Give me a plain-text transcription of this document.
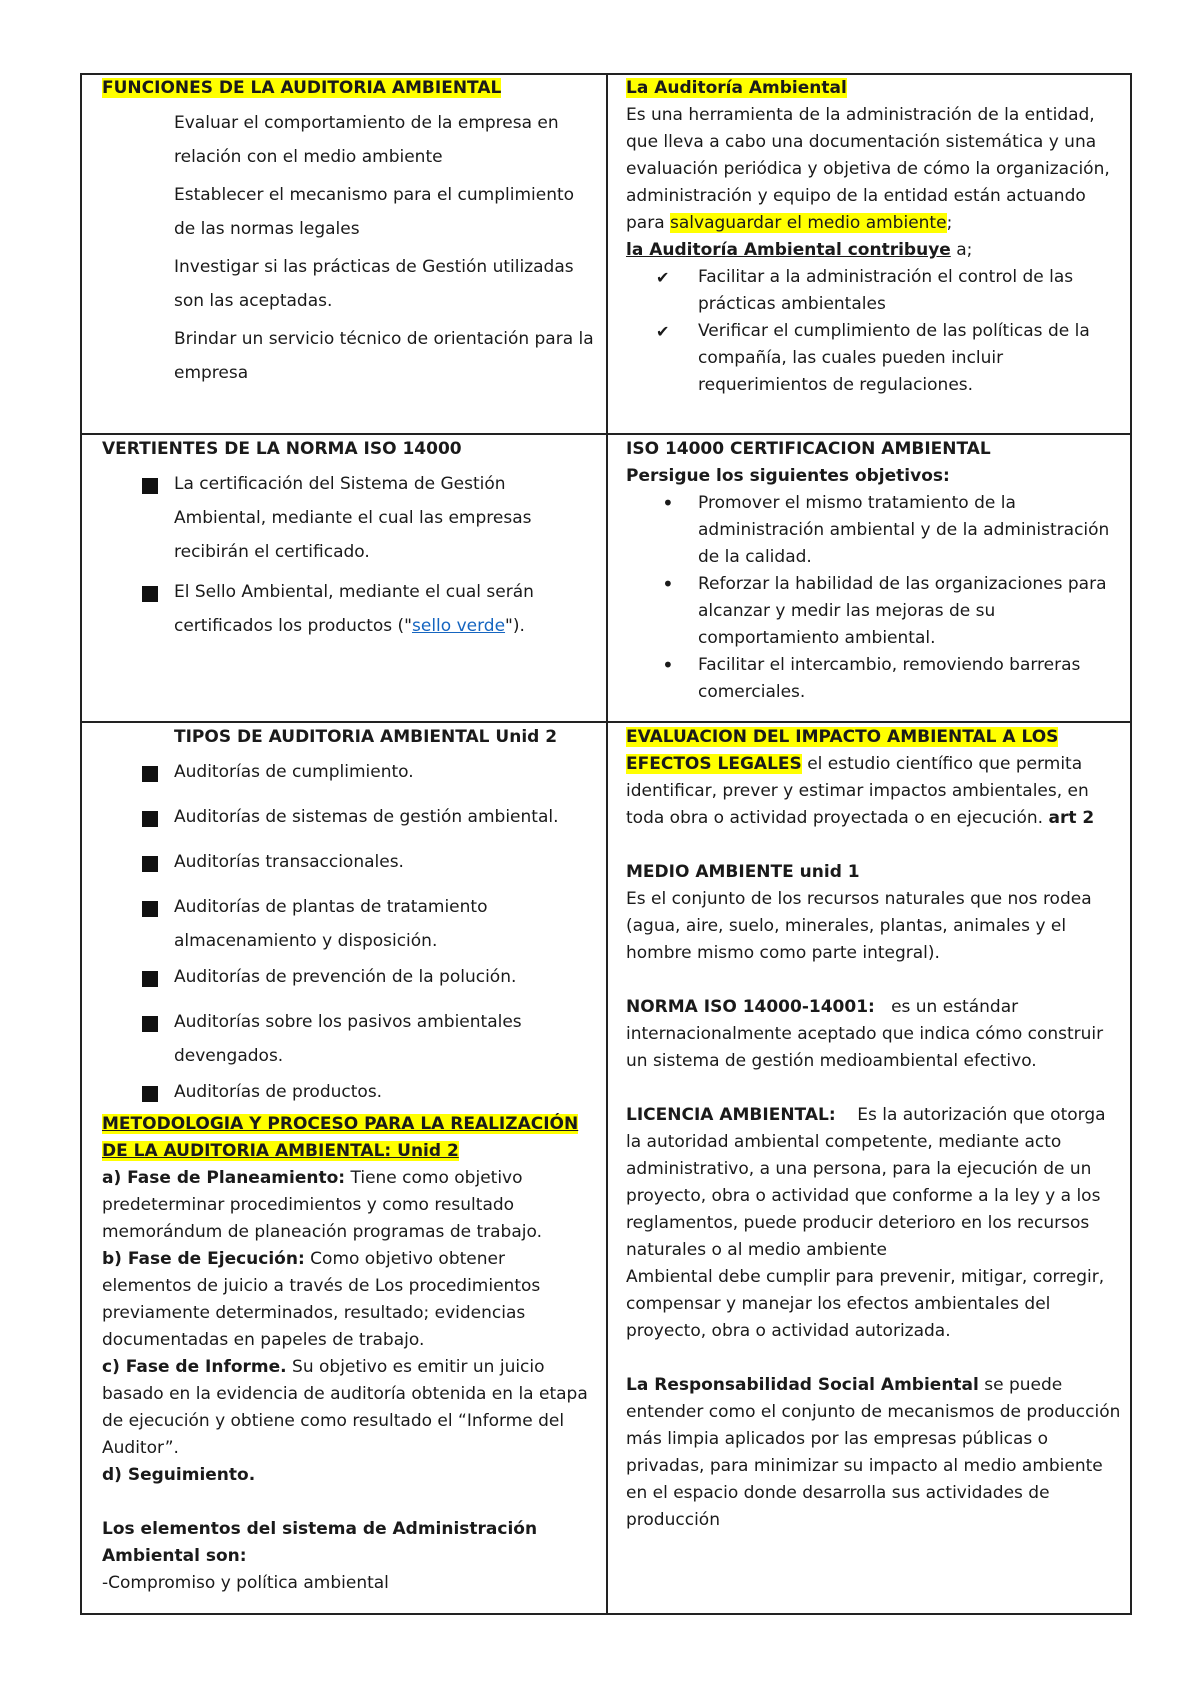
FUNCIONES DE LA AUDITORIA AMBIENTAL

Evaluar el comportamiento de la empresa en relación con el medio ambiente

Establecer el mecanismo para el cumplimiento de las normas legales

Investigar si las prácticas de Gestión utilizadas son las aceptadas.

Brindar un servicio técnico de orientación para la empresa

La Auditoría Ambiental
Es una herramienta de la administración de la entidad, que lleva a cabo una documentación sistemática y una evaluación periódica y objetiva de cómo la organización, administración y equipo de la entidad están actuando para salvaguardar el medio ambiente;
la Auditoría Ambiental contribuye a;
✔ Facilitar a la administración el control de las prácticas ambientales
✔ Verificar el cumplimiento de las políticas de la compañía, las cuales pueden incluir requerimientos de regulaciones.
VERTIENTES DE LA NORMA ISO 14000
La certificación del Sistema de Gestión Ambiental, mediante el cual las empresas recibirán el certificado.
El Sello Ambiental, mediante el cual serán certificados los productos ("sello verde").
ISO 14000 CERTIFICACION AMBIENTAL
Persigue los siguientes objetivos:
• Promover el mismo tratamiento de la administración ambiental y de la administración de la calidad.
• Reforzar la habilidad de las organizaciones para alcanzar y medir las mejoras de su comportamiento ambiental.
• Facilitar el intercambio, removiendo barreras comerciales.
TIPOS DE AUDITORIA AMBIENTAL Unid 2
Auditorías de cumplimiento.
Auditorías de sistemas de gestión ambiental.
Auditorías transaccionales.
Auditorías de plantas de tratamiento almacenamiento y disposición.
Auditorías de prevención de la polución.
Auditorías sobre los pasivos ambientales devengados.
Auditorías de productos.
METODOLOGIA Y PROCESO PARA LA REALIZACIÓN DE LA AUDITORIA AMBIENTAL: Unid 2
a) Fase de Planeamiento: Tiene como objetivo predeterminar procedimientos y como resultado memorándum de planeación programas de trabajo.
b) Fase de Ejecución: Como objetivo obtener elementos de juicio a través de Los procedimientos previamente determinados, resultado; evidencias documentadas en papeles de trabajo.
c) Fase de Informe. Su objetivo es emitir un juicio basado en la evidencia de auditoría obtenida en la etapa de ejecución y obtiene como resultado el “Informe del Auditor”.
d) Seguimiento.
Los elementos del sistema de Administración Ambiental son:
-Compromiso y política ambiental
EVALUACION DEL IMPACTO AMBIENTAL A LOS EFECTOS LEGALES el estudio científico que permita identificar, prever y estimar impactos ambientales, en toda obra o actividad proyectada o en ejecución. art 2
MEDIO AMBIENTE unid 1
Es el conjunto de los recursos naturales que nos rodea (agua, aire, suelo, minerales, plantas, animales y el hombre mismo como parte integral).
NORMA ISO 14000-14001: es un estándar internacionalmente aceptado que indica cómo construir un sistema de gestión medioambiental efectivo.
LICENCIA AMBIENTAL: Es la autorización que otorga la autoridad ambiental competente, mediante acto administrativo, a una persona, para la ejecución de un proyecto, obra o actividad que conforme a la ley y a los reglamentos, puede producir deterioro en los recursos naturales o al medio ambiente
Ambiental debe cumplir para prevenir, mitigar, corregir, compensar y manejar los efectos ambientales del proyecto, obra o actividad autorizada.
La Responsabilidad Social Ambiental se puede entender como el conjunto de mecanismos de producción más limpia aplicados por las empresas públicas o privadas, para minimizar su impacto al medio ambiente en el espacio donde desarrolla sus actividades de producción
